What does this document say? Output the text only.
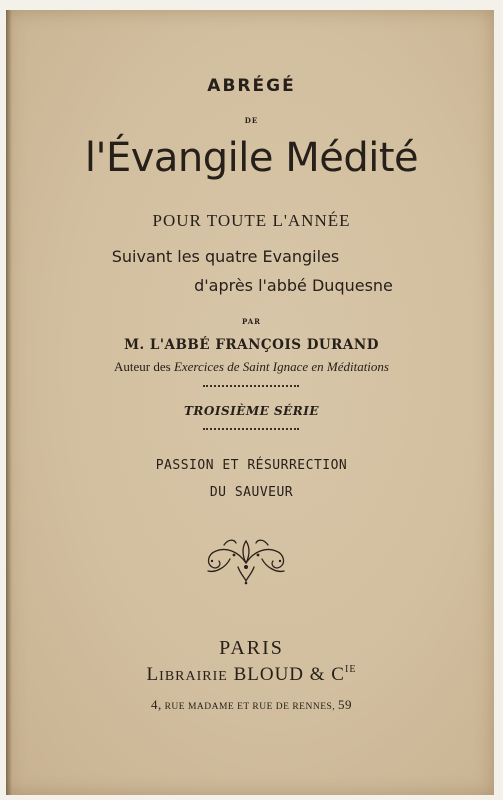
ABRÉGÉ
DE
l'Évangile Médité
POUR TOUTE L'ANNÉE
Suivant les quatre Evangiles
d'après l'abbé Duquesne
PAR
M. L'ABBÉ FRANÇOIS DURAND
Auteur des Exercices de Saint Ignace en Méditations
TROISIÈME SÉRIE
PASSION ET RÉSURRECTION
DU SAUVEUR
PARIS
LIBRAIRIE BLOUD & $C^{IE}$
4, RUE MADAME ET RUE DE RENNES, 59
